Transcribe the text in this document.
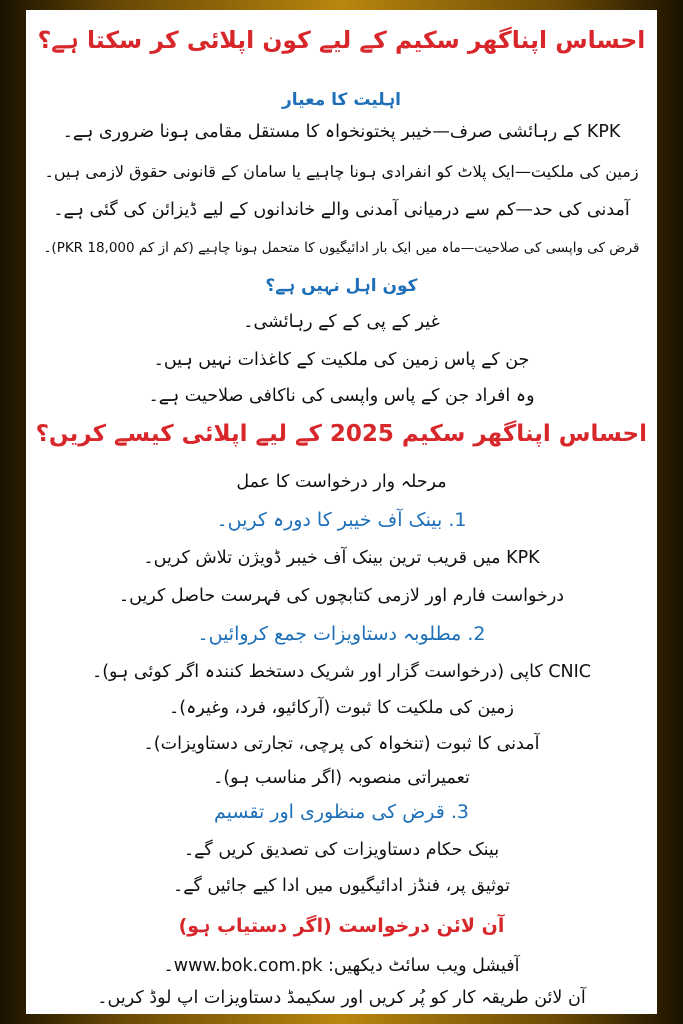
احساس اپناگھر سکیم کے لیے کون اپلائی کر سکتا ہے؟
اہلیت کا معیار
KPK کے رہائشی صرف—خیبر پختونخواہ کا مستقل مقامی ہونا ضروری ہے۔
زمین کی ملکیت—ایک پلاٹ کو انفرادی ہونا چاہیے یا سامان کے قانونی حقوق لازمی ہیں۔
آمدنی کی حد—کم سے درمیانی آمدنی والے خاندانوں کے لیے ڈیزائن کی گئی ہے۔
قرض کی واپسی کی صلاحیت—ماہ میں ایک بار ادائیگیوں کا متحمل ہونا چاہیے (کم از کم PKR 18,000)۔
کون اہل نہیں ہے؟
غیر کے پی کے کے رہائشی۔
جن کے پاس زمین کی ملکیت کے کاغذات نہیں ہیں۔
وہ افراد جن کے پاس واپسی کی ناکافی صلاحیت ہے۔
احساس اپناگھر سکیم 2025 کے لیے اپلائی کیسے کریں؟
مرحلہ وار درخواست کا عمل
1. بینک آف خیبر کا دورہ کریں۔
KPK میں قریب ترین بینک آف خیبر ڈویژن تلاش کریں۔
درخواست فارم اور لازمی کتابچوں کی فہرست حاصل کریں۔
2. مطلوبہ دستاویزات جمع کروائیں۔
CNIC کاپی (درخواست گزار اور شریک دستخط کنندہ اگر کوئی ہو)۔
زمین کی ملکیت کا ثبوت (آرکائیو، فرد، وغیرہ)۔
آمدنی کا ثبوت (تنخواہ کی پرچی، تجارتی دستاویزات)۔
تعمیراتی منصوبہ (اگر مناسب ہو)۔
3. قرض کی منظوری اور تقسیم
بینک حکام دستاویزات کی تصدیق کریں گے۔
توثیق پر، فنڈز ادائیگیوں میں ادا کیے جائیں گے۔
آن لائن درخواست (اگر دستیاب ہو)
آفیشل ویب سائٹ دیکھیں: www.bok.com.pk۔
آن لائن طریقہ کار کو پُر کریں اور سکیمڈ دستاویزات اپ لوڈ کریں۔
